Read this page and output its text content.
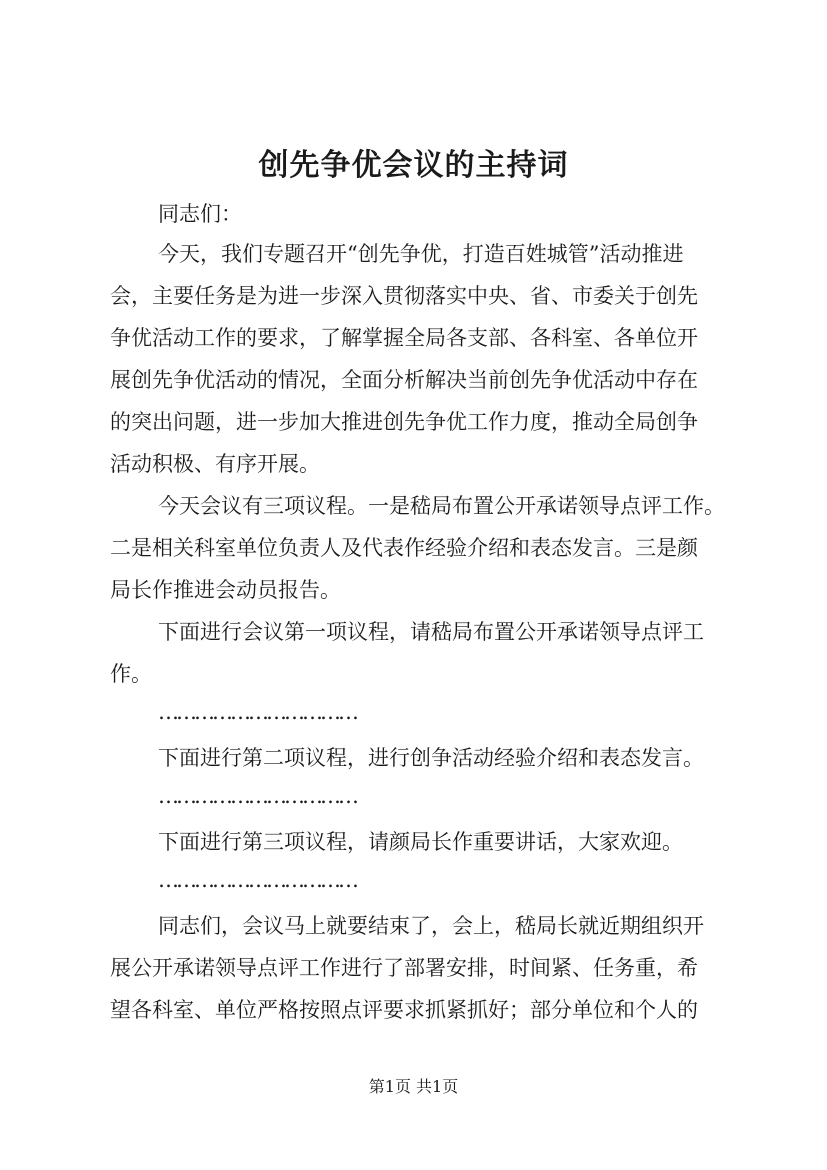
创先争优会议的主持词
同志们：
今天，我们专题召开“创先争优，打造百姓城管”活动推进
会，主要任务是为进一步深入贯彻落实中央、省、市委关于创先
争优活动工作的要求，了解掌握全局各支部、各科室、各单位开
展创先争优活动的情况，全面分析解决当前创先争优活动中存在
的突出问题，进一步加大推进创先争优工作力度，推动全局创争
活动积极、有序开展。
今天会议有三项议程。一是嵇局布置公开承诺领导点评工作。
二是相关科室单位负责人及代表作经验介绍和表态发言。三是颜
局长作推进会动员报告。
下面进行会议第一项议程，请嵇局布置公开承诺领导点评工
作。
……………………………
下面进行第二项议程，进行创争活动经验介绍和表态发言。
……………………………
下面进行第三项议程，请颜局长作重要讲话，大家欢迎。
……………………………
同志们，会议马上就要结束了，会上，嵇局长就近期组织开
展公开承诺领导点评工作进行了部署安排，时间紧、任务重，希
望各科室、单位严格按照点评要求抓紧抓好；部分单位和个人的
第1页 共1页
